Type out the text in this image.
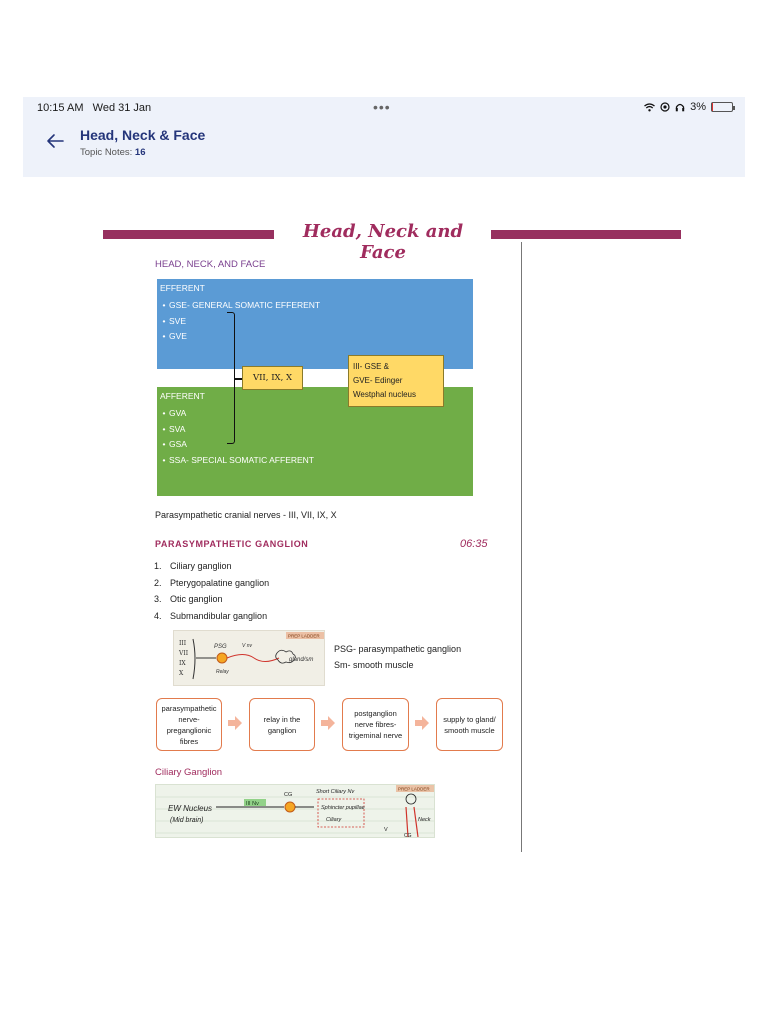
10:15 AM Wed 31 Jan	•••	3%
Head, Neck & Face
Topic Notes: 16
Head, Neck and Face
HEAD, NECK, AND FACE
EFFERENT
• GSE- GENERAL SOMATIC EFFERENT
• SVE
• GVE
AFFERENT
• GVA
• SVA
• GSA
• SSA- SPECIAL SOMATIC AFFERENT
VII, IX, X
III- GSE &
GVE- Edinger
Westphal nucleus
Parasympathetic cranial nerves - III, VII, IX, X
PARASYMPATHETIC GANGLION	06:35
1. Ciliary ganglion
2. Pterygopalatine ganglion
3. Otic ganglion
4. Submandibular ganglion
III
VII
IX
X
PSG
Relay
V nv
gland/sm
PREP LADDER
PSG- parasympathetic ganglion
Sm- smooth muscle
parasympathetic nerve- preganglionic fibres
relay in the ganglion
postganglion nerve fibres- trigeminal nerve
supply to gland/ smooth muscle
Ciliary Ganglion
EW Nucleus
(Mid brain)
III Nv
CG	Short Ciliary Nv
Sphincter pupillae
Ciliary
V
Neck
CG
PREP LADDER
